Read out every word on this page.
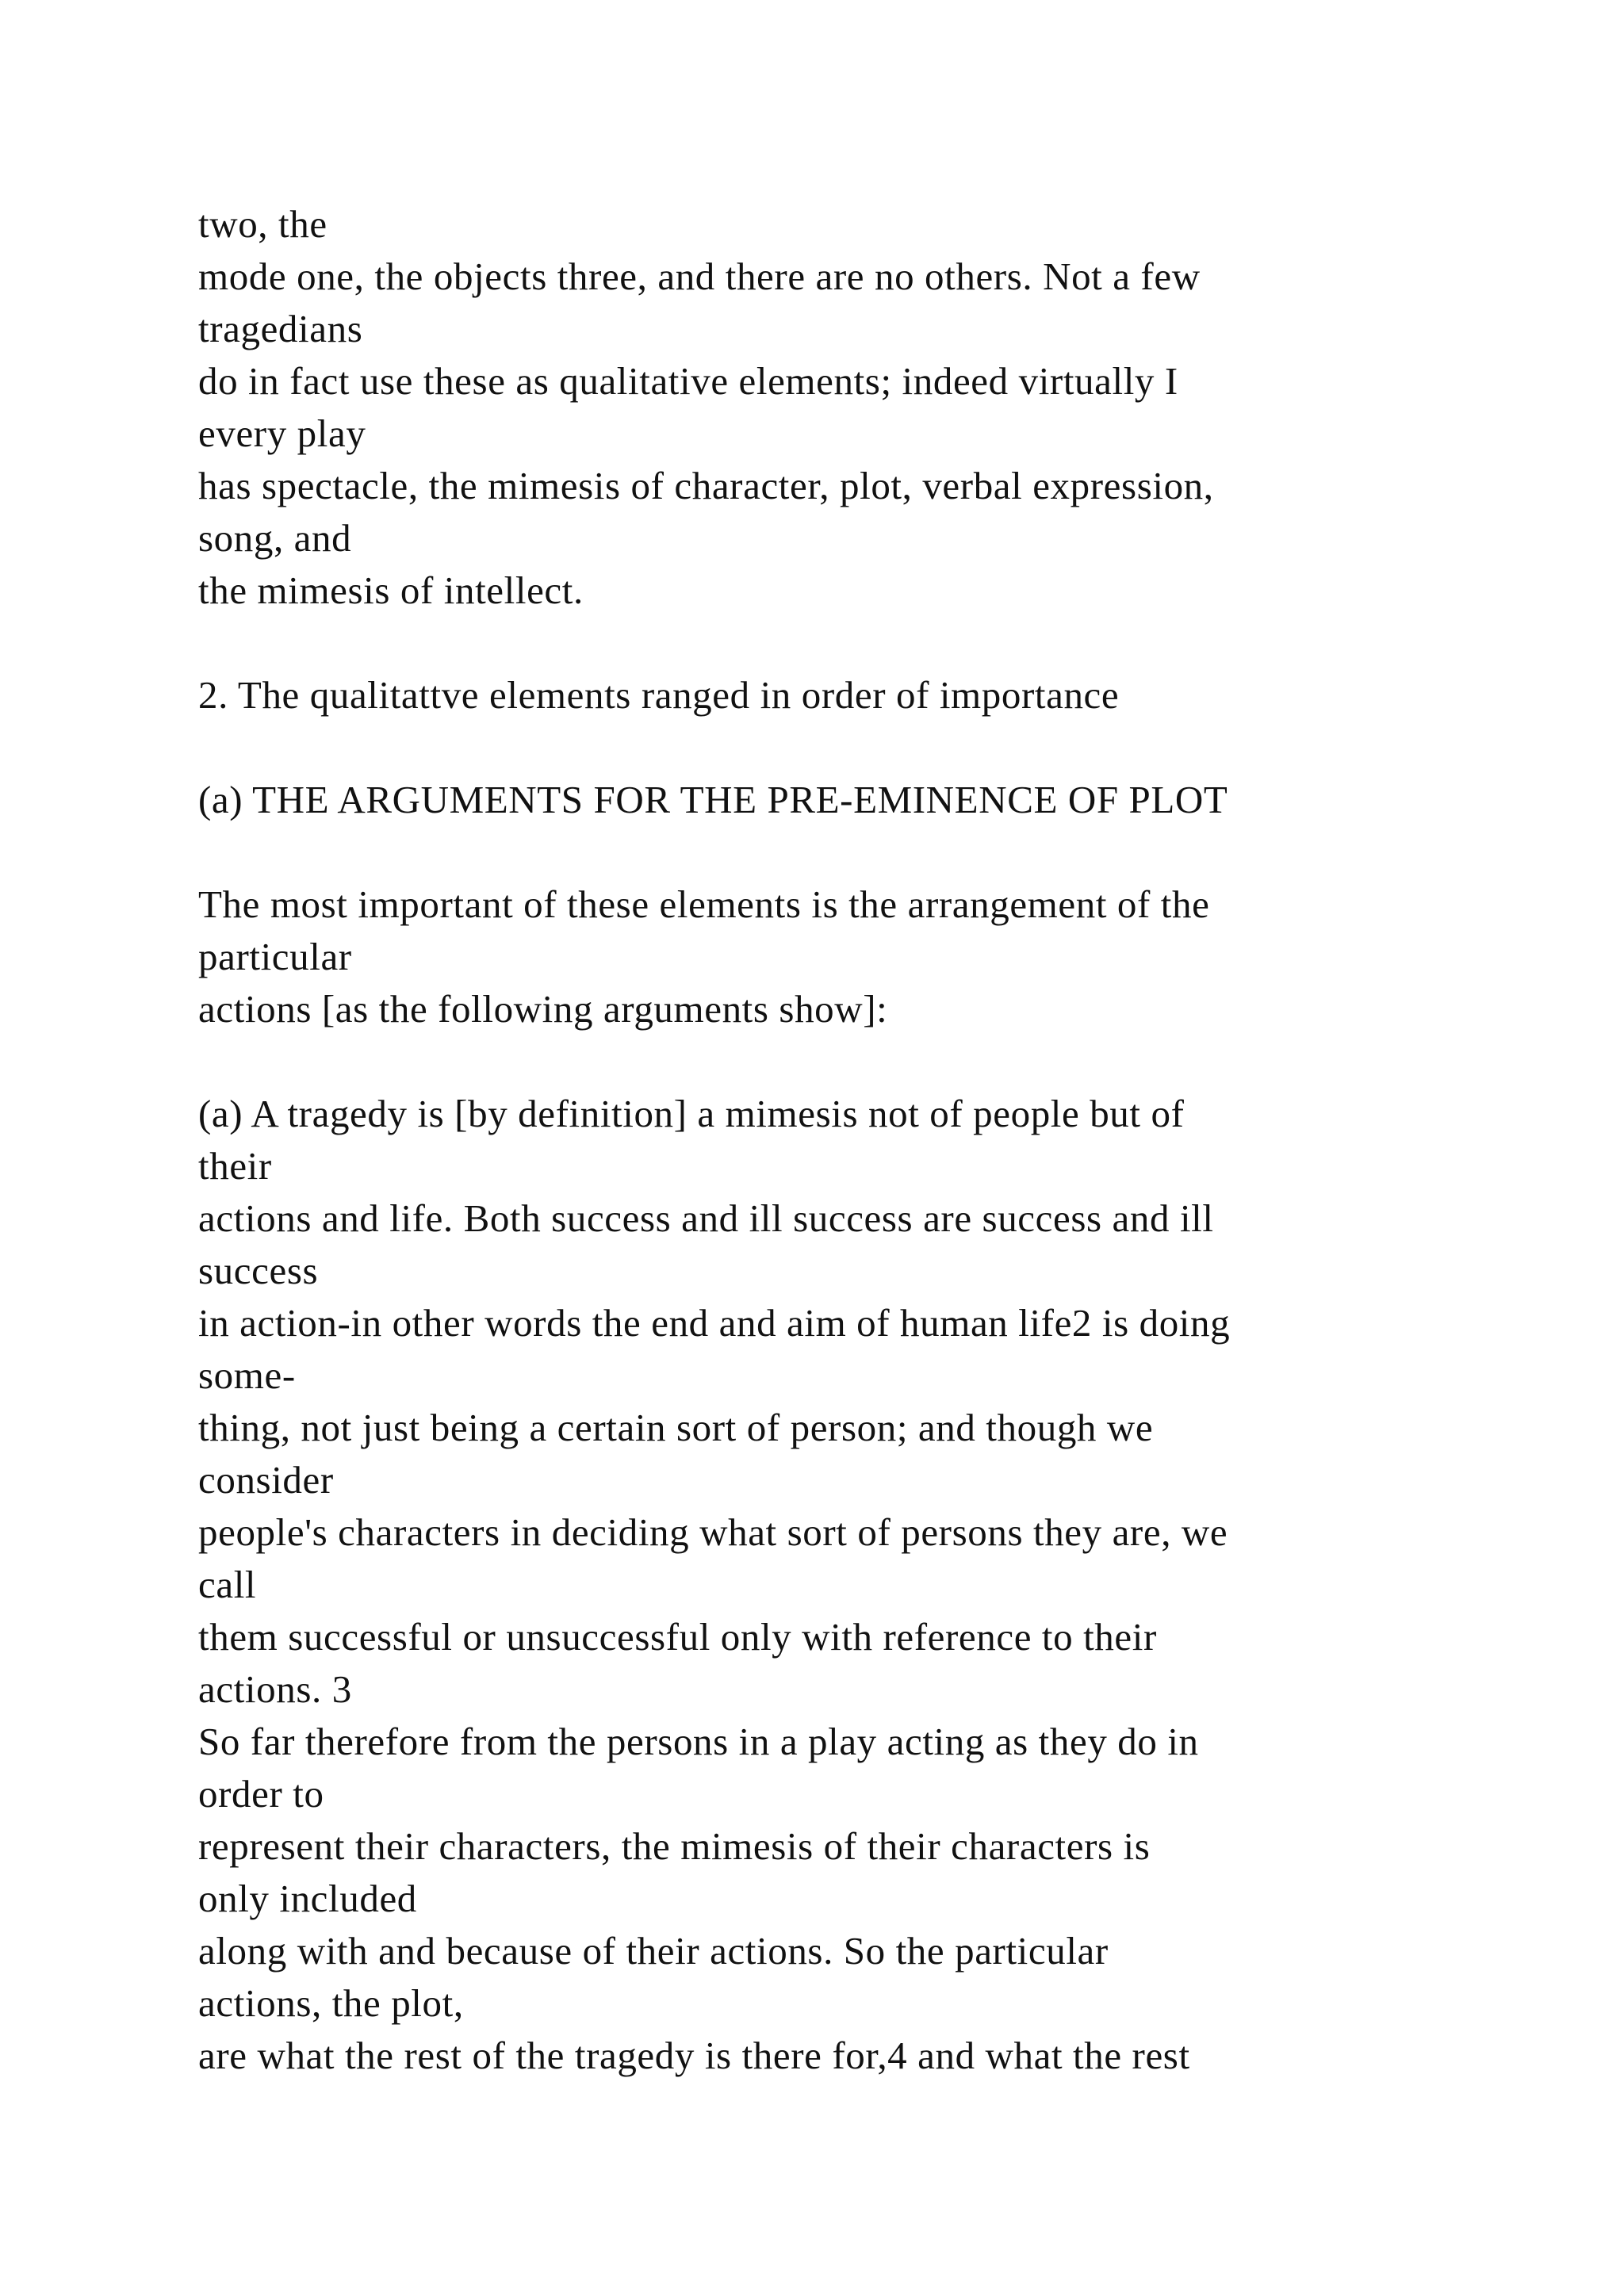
two, the
mode one, the objects three, and there are no others. Not a few
tragedians
do in fact use these as qualitative elements; indeed virtually I
every play
has spectacle, the mimesis of character, plot, verbal expression,
song, and
the mimesis of intellect.
2. The qualitattve elements ranged in order of importance
(a) THE ARGUMENTS FOR THE PRE-EMINENCE OF PLOT
The most important of these elements is the arrangement of the
particular
actions [as the following arguments show]:
(a) A tragedy is [by definition] a mimesis not of people but of
their
actions and life. Both success and ill success are success and ill
success
in action-in other words the end and aim of human life2 is doing
some-
thing, not just being a certain sort of person; and though we
consider
people's characters in deciding what sort of persons they are, we
call
them successful or unsuccessful only with reference to their
actions. 3
So far therefore from the persons in a play acting as they do in
order to
represent their characters, the mimesis of their characters is
only included
along with and because of their actions. So the particular
actions, the plot,
are what the rest of the tragedy is there for,4 and what the rest
